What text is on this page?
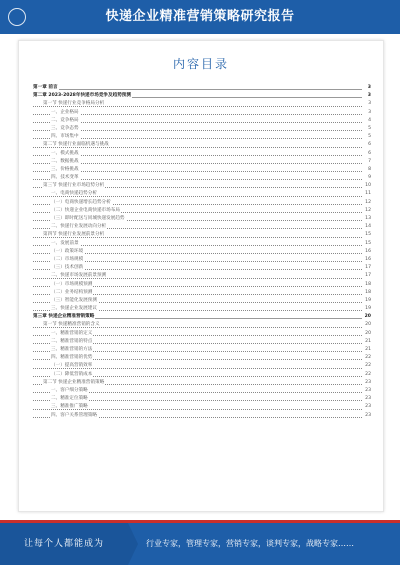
快递企业精准营销策略研究报告
内容目录
第一章 前言	3
第二章 2023-2028年快递市场竞争及趋势预测	3
第一节 快递行业竞争格局分析	3
一、企业格局	3
二、竞争格局	4
三、竞争态势	5
四、市场集中	5
第二节 快递行业面临机遇与挑战	6
一、模式挑战	6
二、数据挑战	7
三、价格挑战	8
四、技术变革	9
第三节 快递行业市场趋势分析	10
一、电商快递趋势分析	11
（一）电商快递增长趋势分析	12
（二）快递企业电商快递市场布局	12
（三）即时配送与同城快递发展趋势	13
二、快递行业发展动向分析	14
第四节 快递行业发展前景分析	15
一、发展前景	15
（一）政策环境	16
（二）市场规模	16
（三）技术创新	17
二、快递市场发展前景预测	17
（一）市场规模预测	18
（二）业务结构预测	18
（三）智能化发展预测	19
三、快递企业发展建议	19
第三章 快递企业精准营销策略	20
第一节 快递精准营销的含义	20
一、精准营销的定义	20
二、精准营销的特点	21
三、精准营销的方法	21
四、精准营销的优势	22
（一）提高营销效率	22
（二）降低营销成本	22
第二节 快递企业精准营销策略	23
一、客户细分策略	23
二、精准定位策略	23
三、精准推广策略	23
四、客户关系管理策略	23
让每个人都能成为	行业专家，管理专家，营销专家，谈判专家，战略专家……
